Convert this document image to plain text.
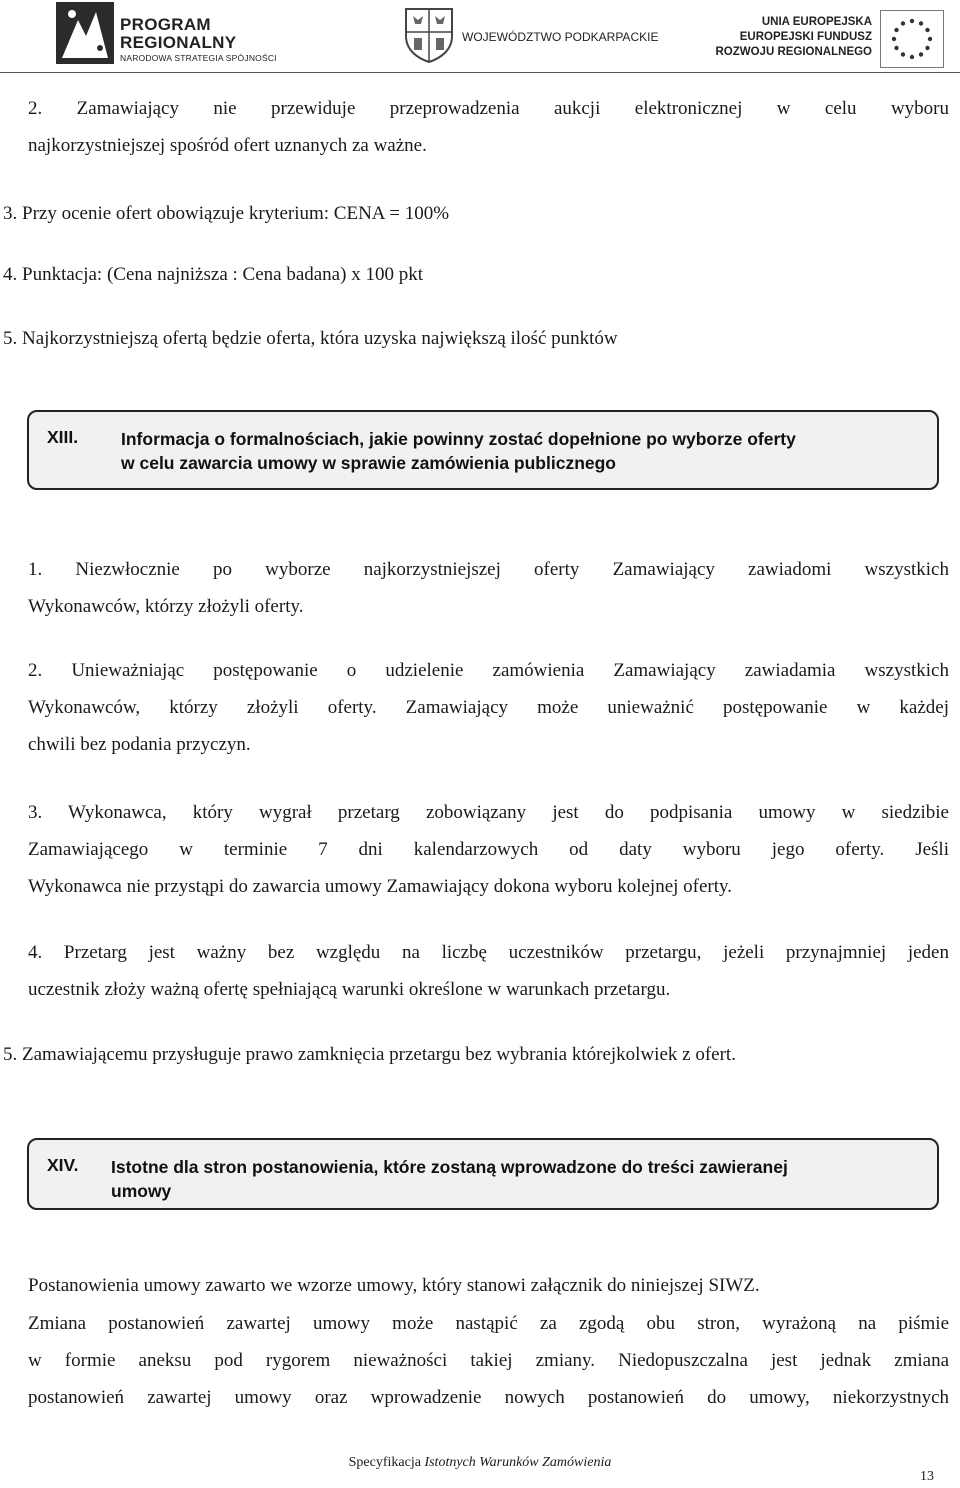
PROGRAM
REGIONALNY
NARODOWA STRATEGIA SPÓJNOŚCI
WOJEWÓDZTWO PODKARPACKIE
UNIA EUROPEJSKA
EUROPEJSKI FUNDUSZ
ROZWOJU REGIONALNEGO
2. Zamawiający nie przewiduje przeprowadzenia aukcji elektronicznej w celu wyboru
najkorzystniejszej spośród ofert uznanych za ważne.
3. Przy ocenie ofert obowiązuje kryterium: CENA = 100%
4. Punktacja: (Cena najniższa : Cena badana) x 100 pkt
5. Najkorzystniejszą ofertą będzie oferta, która uzyska największą ilość punktów
XIII. Informacja o formalnościach, jakie powinny zostać dopełnione po wyborze oferty
w celu zawarcia umowy w sprawie zamówienia publicznego
1. Niezwłocznie po wyborze najkorzystniejszej oferty Zamawiający zawiadomi wszystkich
Wykonawców, którzy złożyli oferty.
2. Unieważniając postępowanie o udzielenie zamówienia Zamawiający zawiadamia wszystkich
Wykonawców, którzy złożyli oferty. Zamawiający może unieważnić postępowanie w każdej
chwili bez podania przyczyn.
3. Wykonawca, który wygrał przetarg zobowiązany jest do podpisania umowy w siedzibie
Zamawiającego w terminie 7 dni kalendarzowych od daty wyboru jego oferty. Jeśli
Wykonawca nie przystąpi do zawarcia umowy Zamawiający dokona wyboru kolejnej oferty.
4. Przetarg jest ważny bez względu na liczbę uczestników przetargu, jeżeli przynajmniej jeden
uczestnik złoży ważną ofertę spełniającą warunki określone w warunkach przetargu.
5. Zamawiającemu przysługuje prawo zamknięcia przetargu bez wybrania którejkolwiek z ofert.
XIV. Istotne dla stron postanowienia, które zostaną wprowadzone do treści zawieranej
umowy
Postanowienia umowy zawarto we wzorze umowy, który stanowi załącznik do niniejszej SIWZ.
Zmiana postanowień zawartej umowy może nastąpić za zgodą obu stron, wyrażoną na piśmie
w formie aneksu pod rygorem nieważności takiej zmiany. Niedopuszczalna jest jednak zmiana
postanowień zawartej umowy oraz wprowadzenie nowych postanowień do umowy, niekorzystnych
Specyfikacja Istotnych Warunków Zamówienia
13
